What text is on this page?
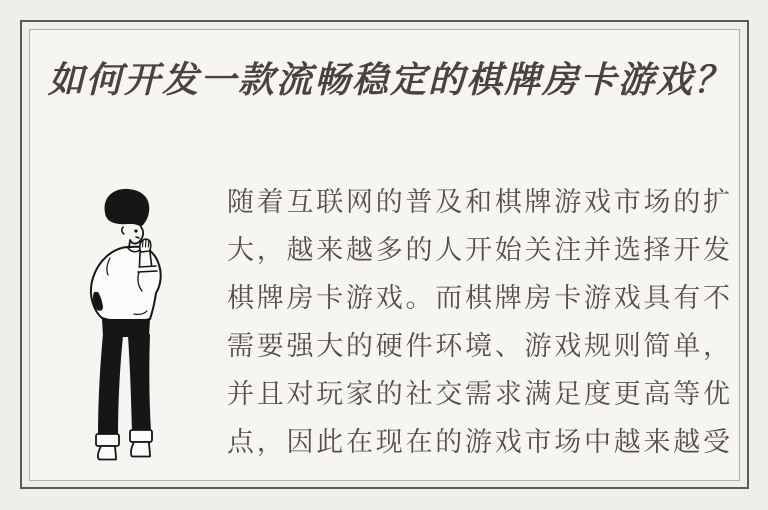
如何开发一款流畅稳定的棋牌房卡游戏？

随着互联网的普及和棋牌游戏市场的扩大，越来越多的人开始关注并选择开发棋牌房卡游戏。而棋牌房卡游戏具有不需要强大的硬件环境、游戏规则简单，并且对玩家的社交需求满足度更高等优点，因此在现在的游戏市场中越来越受
